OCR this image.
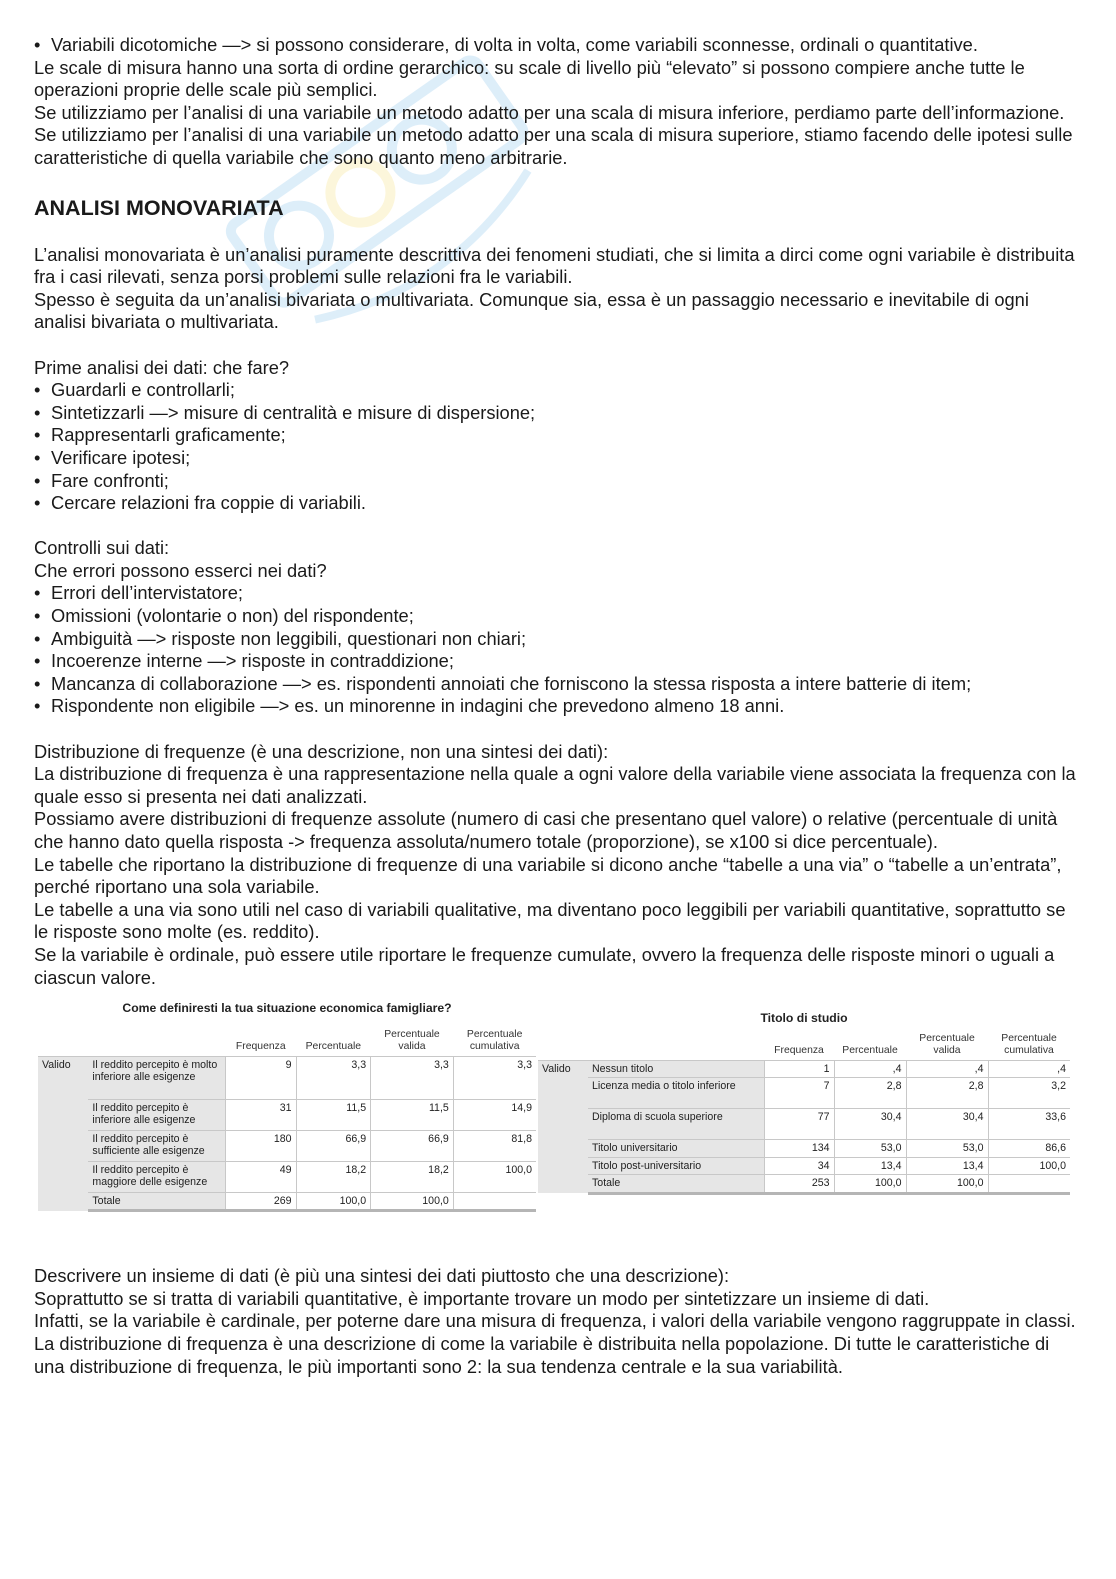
• Variabili dicotomiche —> si possono considerare, di volta in volta, come variabili sconnesse, ordinali o quantitative.

Le scale di misura hanno una sorta di ordine gerarchico: su scale di livello più “elevato” si possono compiere anche tutte le operazioni proprie delle scale più semplici.

Se utilizziamo per l’analisi di una variabile un metodo adatto per una scala di misura inferiore, perdiamo parte dell’informazione.

Se utilizziamo per l’analisi di una variabile un metodo adatto per una scala di misura superiore, stiamo facendo delle ipotesi sulle caratteristiche di quella variabile che sono quanto meno arbitrarie.

ANALISI MONOVARIATA

L’analisi monovariata è un’analisi puramente descrittiva dei fenomeni studiati, che si limita a dirci come ogni variabile è distribuita fra i casi rilevati, senza porsi problemi sulle relazioni fra le variabili.

Spesso è seguita da un’analisi bivariata o multivariata. Comunque sia, essa è un passaggio necessario e inevitabile di ogni analisi bivariata o multivariata.

Prime analisi dei dati: che fare?

• Guardarli e controllarli;

• Sintetizzarli —> misure di centralità e misure di dispersione;

• Rappresentarli graficamente;

• Verificare ipotesi;

• Fare confronti;

• Cercare relazioni fra coppie di variabili.

Controlli sui dati:

Che errori possono esserci nei dati?

• Errori dell’intervistatore;

• Omissioni (volontarie o non) del rispondente;

• Ambiguità —> risposte non leggibili, questionari non chiari;

• Incoerenze interne —> risposte in contraddizione;

• Mancanza di collaborazione —> es. rispondenti annoiati che forniscono la stessa risposta a intere batterie di item;

• Rispondente non eligibile —> es. un minorenne in indagini che prevedono almeno 18 anni.

Distribuzione di frequenze (è una descrizione, non una sintesi dei dati):

La distribuzione di frequenza è una rappresentazione nella quale a ogni valore della variabile viene associata la frequenza con la quale esso si presenta nei dati analizzati.

Possiamo avere distribuzioni di frequenze assolute (numero di casi che presentano quel valore) o relative (percentuale di unità che hanno dato quella risposta -> frequenza assoluta/numero totale (proporzione), se x100 si dice percentuale).

Le tabelle che riportano la distribuzione di frequenze di una variabile si dicono anche “tabelle a una via” o “tabelle a un’entrata”, perché riportano una sola variabile.

Le tabelle a una via sono utili nel caso di variabili qualitative, ma diventano poco leggibili per variabili quantitative, soprattutto se le risposte sono molte (es. reddito).

Se la variabile è ordinale, può essere utile riportare le frequenze cumulate, ovvero la frequenza delle risposte minori o uguali a ciascun valore.

Come definiresti la tua situazione economica famigliare?
		Frequenza	Percentuale	Percentuale valida	Percentuale cumulativa
Valido	Il reddito percepito è molto inferiore alle esigenze	9	3,3	3,3	3,3
	Il reddito percepito è inferiore alle esigenze	31	11,5	11,5	14,9
	Il reddito percepito è sufficiente alle esigenze	180	66,9	66,9	81,8
	Il reddito percepito è maggiore delle esigenze	49	18,2	18,2	100,0
	Totale	269	100,0	100,0	
Titolo di studio
		Frequenza	Percentuale	Percentuale valida	Percentuale cumulativa
Valido	Nessun titolo	1	,4	,4	,4
	Licenza media o titolo inferiore	7	2,8	2,8	3,2
	Diploma di scuola superiore	77	30,4	30,4	33,6
	Titolo universitario	134	53,0	53,0	86,6
	Titolo post-universitario	34	13,4	13,4	100,0
	Totale	253	100,0	100,0	

Descrivere un insieme di dati (è più una sintesi dei dati piuttosto che una descrizione):

Soprattutto se si tratta di variabili quantitative, è importante trovare un modo per sintetizzare un insieme di dati.

Infatti, se la variabile è cardinale, per poterne dare una misura di frequenza, i valori della variabile vengono raggruppate in classi.

La distribuzione di frequenza è una descrizione di come la variabile è distribuita nella popolazione. Di tutte le caratteristiche di una distribuzione di frequenza, le più importanti sono 2: la sua tendenza centrale e la sua variabilità.
